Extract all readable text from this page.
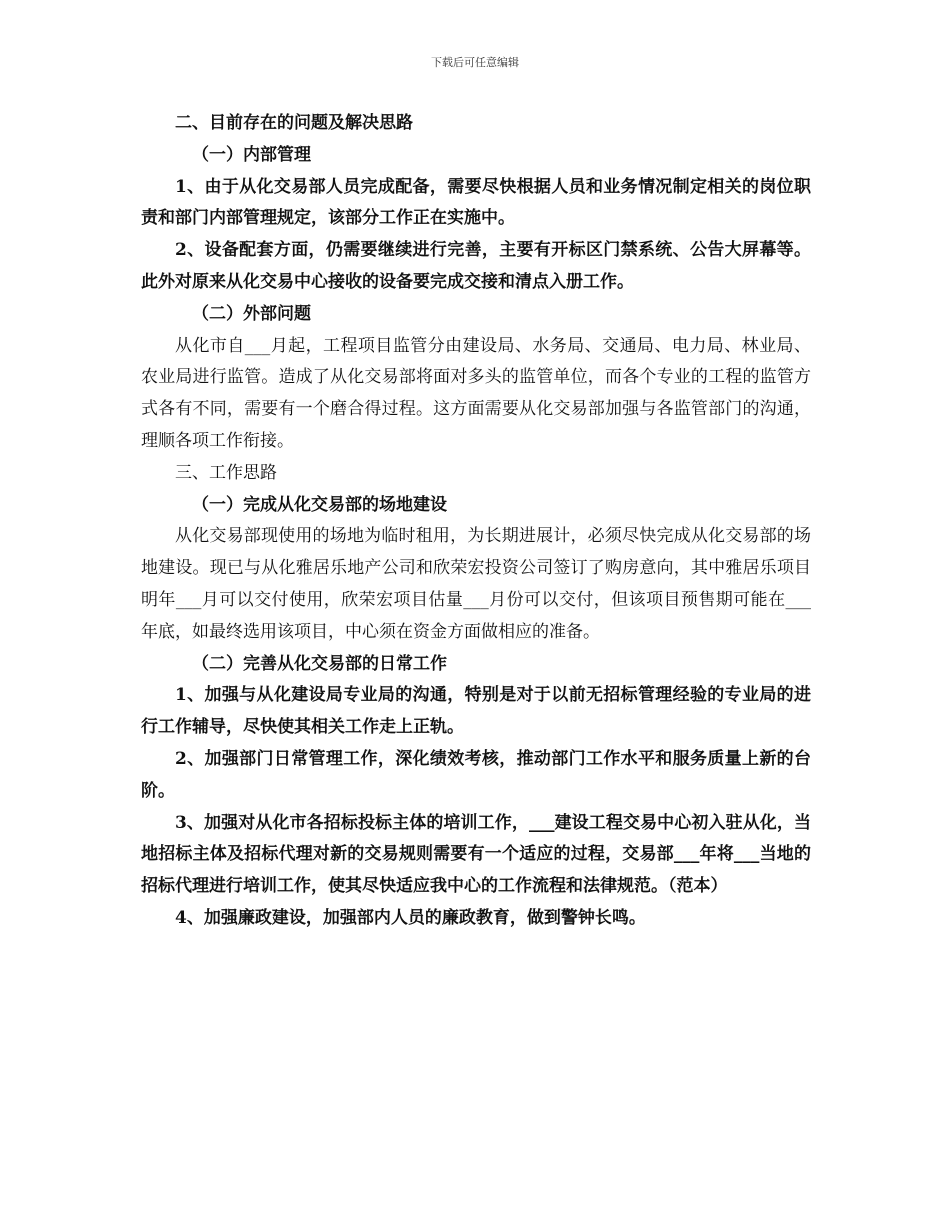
下载后可任意编辑

二、目前存在的问题及解决思路

（一）内部管理

1、由于从化交易部人员完成配备，需要尽快根据人员和业务情况制定相关的岗位职责和部门内部管理规定，该部分工作正在实施中。

2、设备配套方面，仍需要继续进行完善，主要有开标区门禁系统、公告大屏幕等。此外对原来从化交易中心接收的设备要完成交接和清点入册工作。

（二）外部问题

从化市自___月起，工程项目监管分由建设局、水务局、交通局、电力局、林业局、农业局进行监管。造成了从化交易部将面对多头的监管单位，而各个专业的工程的监管方式各有不同，需要有一个磨合得过程。这方面需要从化交易部加强与各监管部门的沟通，理顺各项工作衔接。

三、工作思路

（一）完成从化交易部的场地建设

从化交易部现使用的场地为临时租用，为长期进展计，必须尽快完成从化交易部的场地建设。现已与从化雅居乐地产公司和欣荣宏投资公司签订了购房意向，其中雅居乐项目明年___月可以交付使用，欣荣宏项目估量___月份可以交付，但该项目预售期可能在___年底，如最终选用该项目，中心须在资金方面做相应的准备。

（二）完善从化交易部的日常工作

1、加强与从化建设局专业局的沟通，特别是对于以前无招标管理经验的专业局的进行工作辅导，尽快使其相关工作走上正轨。

2、加强部门日常管理工作，深化绩效考核，推动部门工作水平和服务质量上新的台阶。

3、加强对从化市各招标投标主体的培训工作，___建设工程交易中心初入驻从化，当地招标主体及招标代理对新的交易规则需要有一个适应的过程，交易部___年将___当地的招标代理进行培训工作，使其尽快适应我中心的工作流程和法律规范。（范本）

4、加强廉政建设，加强部内人员的廉政教育，做到警钟长鸣。
